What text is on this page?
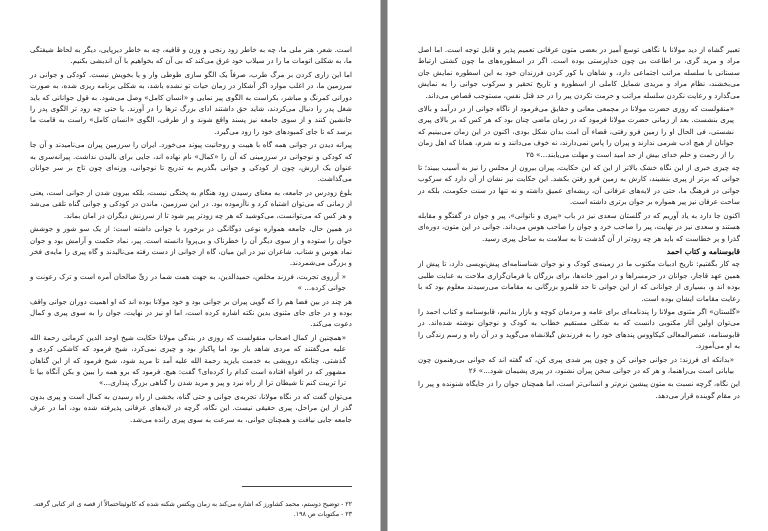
است. شعر، هنر ملی ما، چه به خاطر زود رنجی و وزن و قافیه، چه به خاطر دیرپایی، دیگر به لحاظ شیفتگی ما، به شکلی اتومات ما را در سیلاب خود غرق می‌کند که بی آن که بخواهیم با آن اندیشی بکنیم.

اما این زاری کردن بر مرگ طرب، صرفاً یک الگو سازی طوطی وار و یا بخویش نیست. کودکی و جوانی در سرزمین ما، در اغلب موارد اگر آشکار در زمان حیات تو نشده باشد، به شکلی برنامه ریزی شده، به صورت دورانی کمرنگ و مباشر، بکراست به الگوی پیر نمایی و «انسان کامل» وصل می‌شود. به قول جوانانی که باید شغل پدر را دنبال می‌کردند، شاید حق داشتند ادای بزرگ تر‌ها را در آورند. یا حتی چه زود تر الگوی پدر را جانشین کنند و از سوی جامعه نیز پسند واقع شوند و از طرفی، الگوی «انسان کامل» راست به قامت ما برسد که تا جای کمبود‌های خود را زود می‌گیرد.

پیرانه دیدن در جوانی همه گاه با هیبت و روحانیت پیوند می‌خورد. ایران را سرزمین پیران می‌نامیدند و آن جا که کودکی و نوجوانی در سرزمینی که آن را «کمال» نام نهاده اند، جایی برای بالیدن نداشت. پیرانه‌سری به عنوان یک ارزش، چون از کودکی و جوانی بگذریم به تدریج تا نوجوانی، وزنه‌ای چون تاج بر سر جوانان می‌گذاشت.

بلوغ زودرس در جامعه، به معنای رسیدن زود هنگام به پختگی نیست، بلکه بیرون شدن از جوانی است، یعنی از زمانی که می‌توان اشتباه کرد و ناآزموده بود. در این سرزمین، ماندن در کودکی و جوانی گناه تلقی می‌شد و هر کس که می‌توانست، می‌کوشید که هر چه زودتر پیر شود تا از سرزنش دیگران در امان بماند.

در همین حال، جامعه همواره نوعی دوگانگی در برخورد با جوانی داشته است: از یک سو شور و جوشش جوان را ستوده و از سوی دیگر آن را خطرناک و بی‌پروا دانسته است. پیر، نماد حکمت و آرامش بود و جوان نماد هوس و شتاب. شاعران نیز در این میان، گاه از جوانی از دست رفته می‌نالیدند و گاه پیری را مایه‌ی فخر و بزرگی می‌شمردند.

« آرزو‌ی تجربت، فرزند مخلص، حمیدالدین، به جهت همت شما در زیِّ صالحان آمره است و ترک رعونت و جوانی کرده... »

هر چند در بین فضا هم را که گویی پیران بر جوانی بود و خود مولانا بوده اند که او اهمیت دوران جوانی واقف بوده و در جای جای مثنوی بدین نکته اشاره کرده است، اما او نیز در نهایت، جوان را به سوی پیری و کمال دعوت می‌کند.

«همچنین از کمال اصحاب منقولست که روزی در بندگی مولانا حکایت شیخ اوحد الدین کرمانی رحمة الله علیه می‌گفتند که مردی شاهد باز بود اما پاکباز بود و چیزی نمی‌کرد، شیخ فرمود که کاشکی کردی و گذشتی. چنانکه درویشی به خدمت بایزید رحمة الله علیه آمد تا مرید شود، شیخ فرمود که از این گناهان مشهور که در افواه افتاده است کدام را کرده‌ای؟ گفت: هیچ. فرمود که برو همه را ببین و بکن آنگاه بیا تا ترا تربیت کنم تا شیطان ترا از راه نبرد و پیر و مرید شدن را گناهی بزرگ پنداری...»

می‌توان گفت که در نگاه مولانا، تجربه‌ی جوانی و حتی گناه، بخشی از راه رسیدن به کمال است و پیری بدون گذر از این مراحل، پیری حقیقی نیست. این نگاه، گرچه در لایه‌های عرفانی پذیرفته شده بود، اما در عرف جامعه جایی نیافت و همچنان جوانی، به سرعت به سوی پیری رانده می‌شد.

۲۲ - توضیح دوستم، محمد کشاورز که اشاره می‌کند به زمان ویکتس شکنه شده که کانوئیتاحتمالاً از قصه ی اثر کتابی گرفته.
۲۳ - مکتوبات ص ۱۹۸.

تعبیر گشاه از دید مولانا با نگاهی توسع آمیز در بعضی متون عرفانی تعمیم پذیر و قابل توجه است. اما اصل مراد و مرید گری، بر اطاعت بی چون خداپرستی بوده است. اگر در اسطوره‌های ما چون کشتی ارتباط سستانی با سلسله مراتب اجتماعی دارد، و شاهان با کور کردن فرزندان خود به این اسطوره نمایش جان می‌بخشند، نظام مراد و مریدی شمایل کاملی از اسطوره و تاریخ تحقیر و سرکوب جوانی را به نمایش می‌گذارد و رعایت نکردن سلسله مراتب و حرمت نکردن پیر را در حد قتل نفس، مستوجب قصاص می‌داند.

«منقولست که روزی حضرت مولانا در مجمعی معانی و حقایق می‌فرمود از ناگاه جوانی از در درآمد و بالای پیری بنشست. بعد از زمانی حضرت مولانا فرمود که در زمان ماضی چنان بود که هر کس که بر بالای پیری نشستی، فی الحال او را زمین فرو رفتی، قضاء آن امت بدان شکل بودی، اکنون در این زمان می‌بینیم که جوانان از هیچ ادب شرمی ندارند و پیران را پاس نمی‌دارند، نه خوف می‌دانند و نه شرم، همانا که اهل زمان را از رحمت و حلم خدای بیش از حد امید است و مهلت می‌یابند...» ۲۵

چه چیزی خبری از این نگاه خشک بالاتر از این که این حکایت، پیران بیرون از مجلس را نیز به آسیب ببیند؛ تا جوانی که برتر از پیری بنشیند، کارش به زمین فرو رفتن بکشد. این حکایت نیز نشان از آن دارد که سرکوب جوانی در فرهنگ ما، حتی در لایه‌های عرفانی آن، ریشه‌ای عمیق داشته و نه تنها در سنت حکومت، بلکه در ساحت عرفان نیز پیر همواره بر جوان برتری داشته است.

اکنون جا دارد به یاد آوریم که در گلستان سعدی نیز در باب «پیری و ناتوانی»، پیر و جوان در گفتگو و مقابله هستند و سعدی نیز در نهایت، پیر را صاحب خرد و جوان را صاحب هوس می‌داند. جوانی در این متون، دوره‌ای گذرا و پر خطاست که باید هر چه زودتر از آن گذشت تا به سلامت به ساحل پیری رسید.

قابوسنامه و کتاب احمد

چه کار بگفتیم: تاریخ ادبیات مکتوب ما در زمینه‌ی کودک و نو جوان شناسنامه‌ای پیش‌نویسی دارد، تا پیش از همین عهد قاجار، جوانان در حرمسراها و در امور خانه‌ها، برای بزرگان یا فرمان‌گزاری ملاحت به عنایت طلبی بوده اند و، بسیاری از جوانانی که از این جوانی تا حد قلمرو بزرگانی به مقامات می‌رسیدند معلوم بود که با رعایت مقامات ایشان بوده است.

«گلستان» اگر مثنوی مولانا را پندنامه‌ای برای عامه و مردمان کوچه و بازار بدانیم، قابوسنامه و کتاب احمد را می‌توان اولین آثار مکتوبی دانست که به شکلی مستقیم خطاب به کودک و نوجوان نوشته شده‌اند. در قابوسنامه، عنصرالمعالی کیکاووس پند‌های خود را به فرزندش گیلانشاه می‌گوید و در آن راه و رسم زندگی را به او می‌آموزد.

«بدانکه ای فرزند: در جوانی جوانی کن و چون پیر شدی پیری کن، که گفته اند که جوانی بی‌رهنمون چون بیابانی است بی‌راهنما، و هر که در جوانی سخن پیران نشنود، در پیری پشیمان شود...» ۲۶

این نگاه، گرچه نسبت به متون پیشین نرم‌تر و انسانی‌تر است، اما همچنان جوان را در جایگاه شنونده و پیر را در مقام گوینده قرار می‌دهد.
